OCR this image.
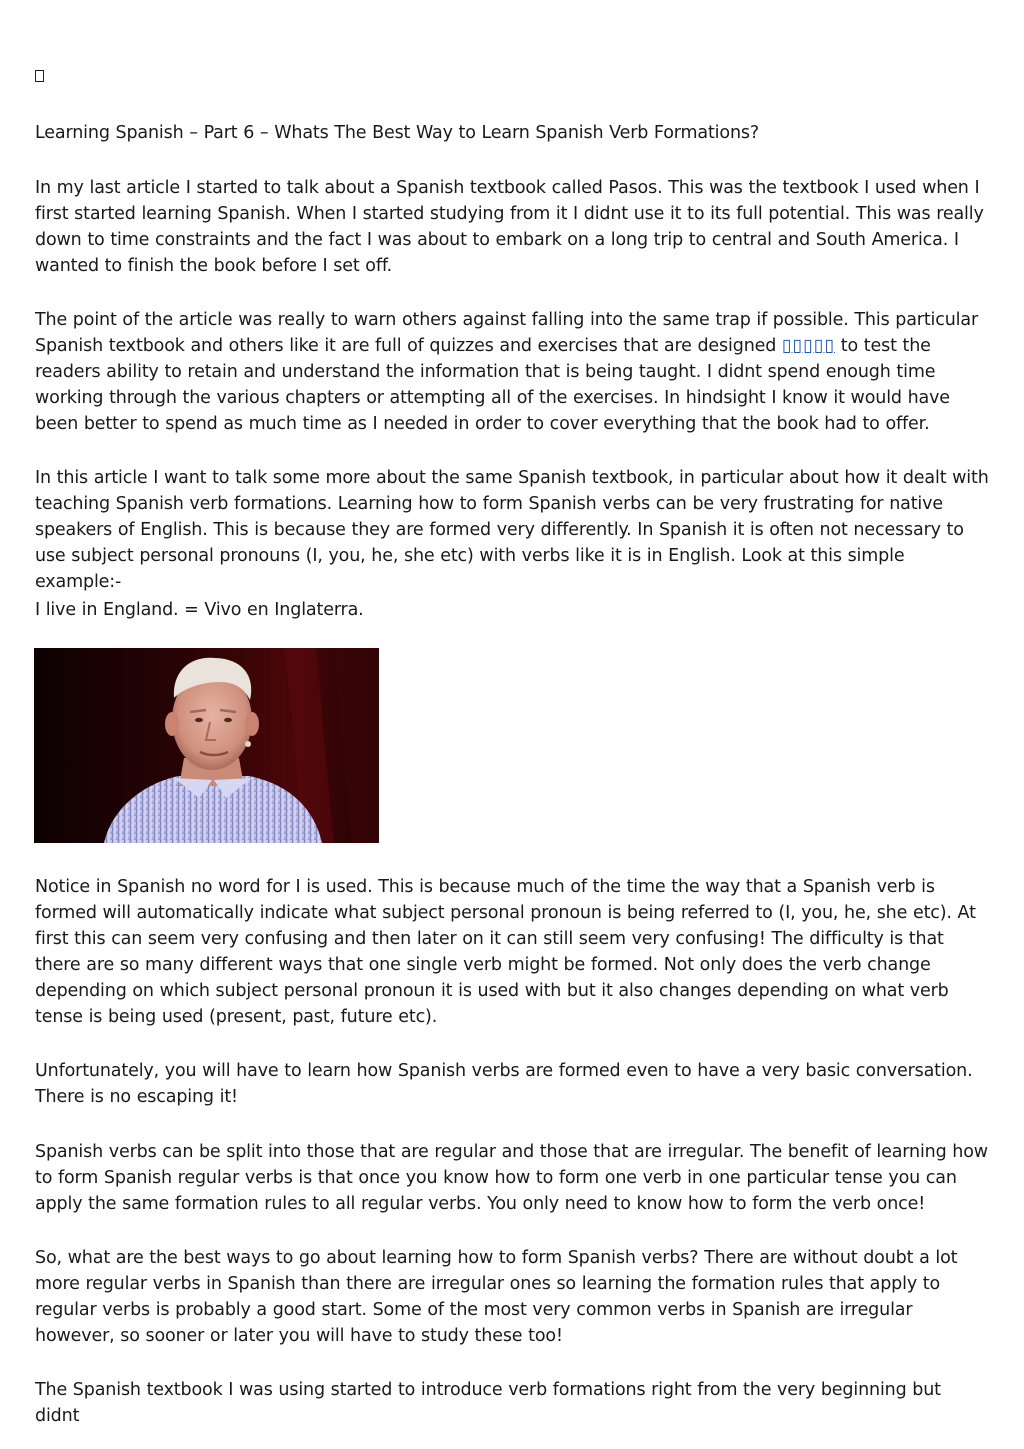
Learning Spanish – Part 6 – Whats The Best Way to Learn Spanish Verb Formations?

In my last article I started to talk about a Spanish textbook called Pasos. This was the textbook I used when I first started learning Spanish. When I started studying from it I didnt use it to its full potential. This was really down to time constraints and the fact I was about to embark on a long trip to central and South America. I wanted to finish the book before I set off.

The point of the article was really to warn others against falling into the same trap if possible. This particular Spanish textbook and others like it are full of quizzes and exercises that are designed ▯▯▯▯▯ to test the readers ability to retain and understand the information that is being taught. I didnt spend enough time working through the various chapters or attempting all of the exercises. In hindsight I know it would have been better to spend as much time as I needed in order to cover everything that the book had to offer.

In this article I want to talk some more about the same Spanish textbook, in particular about how it dealt with teaching Spanish verb formations. Learning how to form Spanish verbs can be very frustrating for native speakers of English. This is because they are formed very differently. In Spanish it is often not necessary to use subject personal pronouns (I, you, he, she etc) with verbs like it is in English. Look at this simple example:-

I live in England. = Vivo en Inglaterra.

Notice in Spanish no word for I is used. This is because much of the time the way that a Spanish verb is formed will automatically indicate what subject personal pronoun is being referred to (I, you, he, she etc). At first this can seem very confusing and then later on it can still seem very confusing! The difficulty is that there are so many different ways that one single verb might be formed. Not only does the verb change depending on which subject personal pronoun it is used with but it also changes depending on what verb tense is being used (present, past, future etc).

Unfortunately, you will have to learn how Spanish verbs are formed even to have a very basic conversation. There is no escaping it!

Spanish verbs can be split into those that are regular and those that are irregular. The benefit of learning how to form Spanish regular verbs is that once you know how to form one verb in one particular tense you can apply the same formation rules to all regular verbs. You only need to know how to form the verb once!

So, what are the best ways to go about learning how to form Spanish verbs? There are without doubt a lot more regular verbs in Spanish than there are irregular ones so learning the formation rules that apply to regular verbs is probably a good start. Some of the most very common verbs in Spanish are irregular however, so sooner or later you will have to study these too!

The Spanish textbook I was using started to introduce verb formations right from the very beginning but didnt
